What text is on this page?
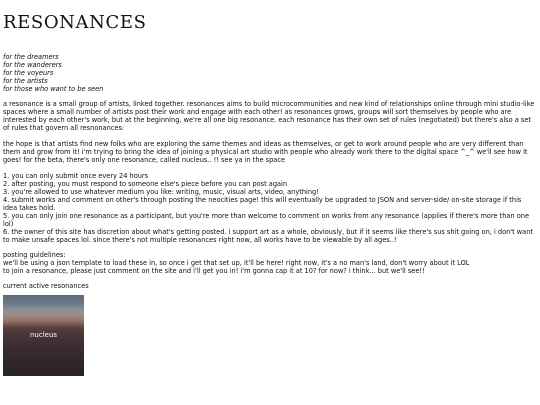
RESONANCES
for the dreamers
for the wanderers
for the voyeurs
for the artists
for those who want to be seen

a resonance is a small group of artists, linked together. resonances aims to build microcommunities and new kind of relationships online through mini studio-like spaces where a small number of artists post their work and engage with each other! as resonances grows, groups will sort themselves by people who are interested by each other's work, but at the beginning, we're all one big resonance. each resonance has their own set of rules (negotiated) but there's also a set of rules that govern all resnonances:

the hope is that artists find new folks who are exploring the same themes and ideas as themselves, or get to work around people who are very different than them and grow from it! i'm trying to bring the idea of joining a physical art studio with people who already work there to the digital space ^_^ we'll see how it goes! for the beta, there's only one resonance, called nucleus.. !! see ya in the space

1. you can only submit once every 24 hours
2. after posting, you must respond to someone else's piece before you can post again
3. you're allowed to use whatever medium you like: writing, music, visual arts, video, anything!
4. submit works and comment on other's through posting the neocities page! this will eventually be upgraded to JSON and server-side/ on-site storage if this idea takes hold.
5. you can only join one resonance as a participant, but you're more than welcome to comment on works from any resonance (applies if there's more than one lol)
6. the owner of this site has discretion about what's getting posted. i support art as a whole, obviously, but if it seems like there's sus shit going on, i don't want to make unsafe spaces lol. since there's not multiple resonances right now, all works have to be viewable by all ages..!
posting guidelines:
we'll be using a json template to load these in, so once i get that set up, it'll be here! right now, it's a no man's land, don't worry about it LOL
to join a resonance, please just comment on the site and i'll get you in! i'm gonna cap it at 10? for now? i think... but we'll see!!
current active resonances
nucleus
